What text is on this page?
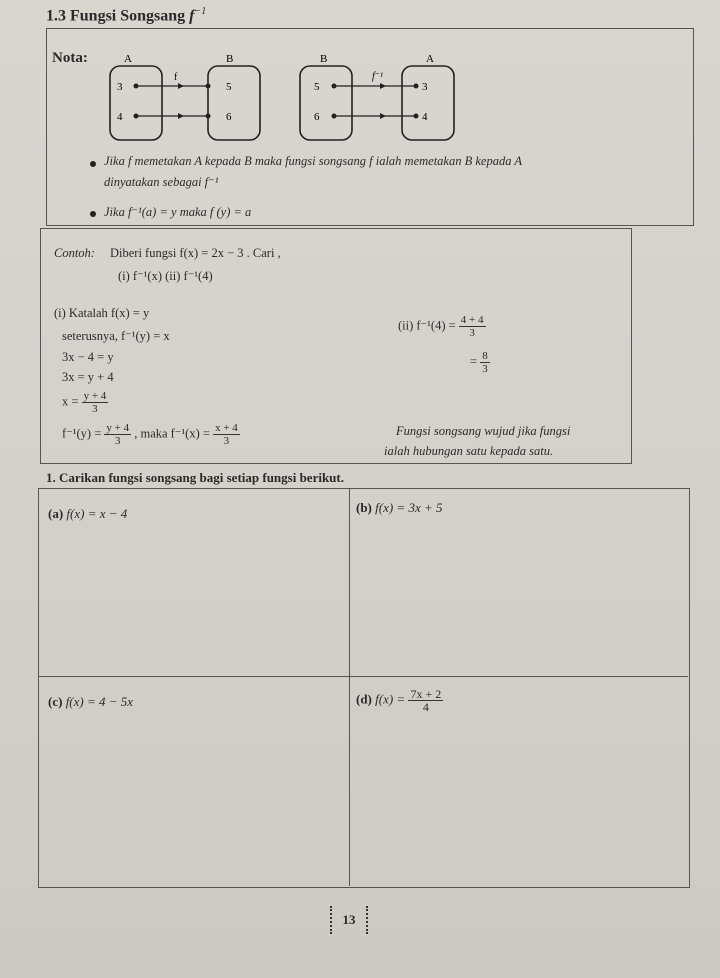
1.3 Fungsi Songsang $f^{-1}$
Nota:	A	B
f
3
4
5
6
B	A
f⁻¹
5
6
3
4
Jika f memetakan A kepada B maka fungsi songsang f ialah memetakan B kepada A
dinyatakan sebagai f⁻¹
Jika f⁻¹(a) = y maka f (y) = a
Contoh: Diberi fungsi f(x) = 2x − 3 . Cari ,
(i) f⁻¹(x) (ii) f⁻¹(4)
(i) Katalah f(x) = y
seterusnya, f⁻¹(y) = x
3x − 4 = y
3x = y + 4
$x = \frac{y + 4}{3}$
$f^{-1}(y) = \frac{y + 4}{3}$ , maka $f^{-1}(x) = \frac{x + 4}{3}$
(ii) $f^{-1}(4) = \frac{4 + 4}{3}$
= $\frac{8}{3}$
Fungsi songsang wujud jika fungsi
ialah hubungan satu kepada satu.
1. Carikan fungsi songsang bagi setiap fungsi berikut.
(a) f(x) = x − 4	(b) f(x) = 3x + 5
(c) f(x) = 4 − 5x	(d) $f(x) = \frac{7x + 2}{4}$
13
